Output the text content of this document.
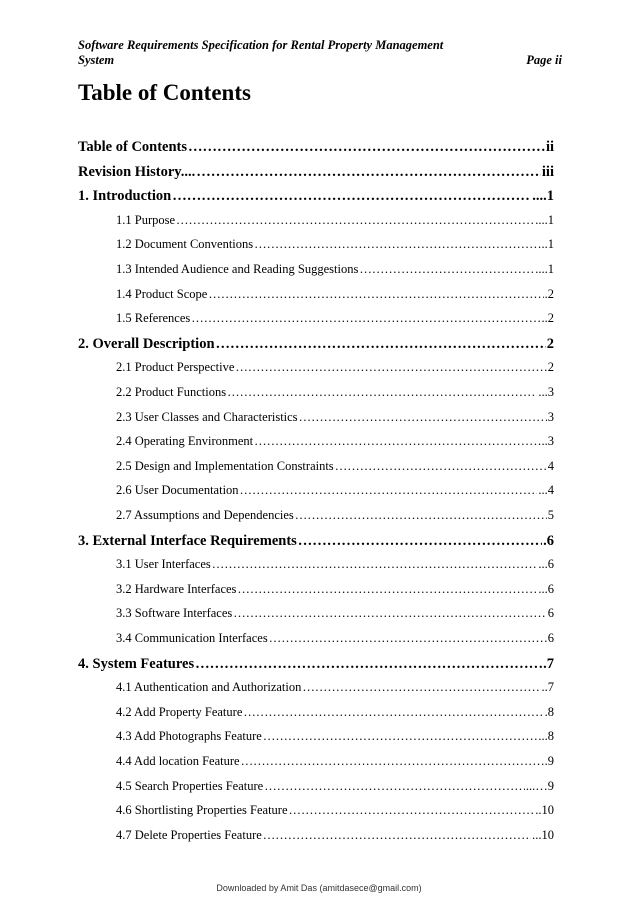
Software Requirements Specification for Rental Property Management
System	Page ii
Table of Contents
Table of Contents ………………………………………………………………………………………………………………………………………………………………	ii
Revision History.... ………………………………………………………………………………………………………………………………………………………………	iii
1. Introduction ………………………………………………………………………………………………………………………………………………………………	....1
1.1 Purpose ………………………………………………………………………………………………………………………………………………………………	....1
1.2 Document Conventions ………………………………………………………………………………………………………………………………………………………………	..1
1.3 Intended Audience and Reading Suggestions ………………………………………………………………………………………………………………………………………………………………	....1
1.4 Product Scope ………………………………………………………………………………………………………………………………………………………………	.2
1.5 References ………………………………………………………………………………………………………………………………………………………………	..2
2. Overall Description ………………………………………………………………………………………………………………………………………………………………	2
2.1 Product Perspective ………………………………………………………………………………………………………………………………………………………………	2
2.2 Product Functions ………………………………………………………………………………………………………………………………………………………………	...3
2.3 User Classes and Characteristics ………………………………………………………………………………………………………………………………………………………………	3
2.4 Operating Environment ………………………………………………………………………………………………………………………………………………………………	..3
2.5 Design and Implementation Constraints ………………………………………………………………………………………………………………………………………………………………	4
2.6 User Documentation ………………………………………………………………………………………………………………………………………………………………	...4
2.7 Assumptions and Dependencies ………………………………………………………………………………………………………………………………………………………………	5
3. External Interface Requirements ………………………………………………………………………………………………………………………………………………………………	.6
3.1 User Interfaces ………………………………………………………………………………………………………………………………………………………………	...6
3.2 Hardware Interfaces ………………………………………………………………………………………………………………………………………………………………	...6
3.3 Software Interfaces ………………………………………………………………………………………………………………………………………………………………	6
3.4 Communication Interfaces ………………………………………………………………………………………………………………………………………………………………	6
4. System Features ………………………………………………………………………………………………………………………………………………………………	.7
4.1 Authentication and Authorization ………………………………………………………………………………………………………………………………………………………………	..7
4.2 Add Property Feature ………………………………………………………………………………………………………………………………………………………………	.8
4.3 Add Photographs Feature ………………………………………………………………………………………………………………………………………………………………	...8
4.4 Add location Feature ………………………………………………………………………………………………………………………………………………………………	.9
4.5 Search Properties Feature ………………………………………………………………………………………………………………………………………………………………	...…9
4.6 Shortlisting Properties Feature ………………………………………………………………………………………………………………………………………………………………	..10
4.7 Delete Properties Feature ………………………………………………………………………………………………………………………………………………………………	...10
Downloaded by Amit Das (amitdasece@gmail.com)
